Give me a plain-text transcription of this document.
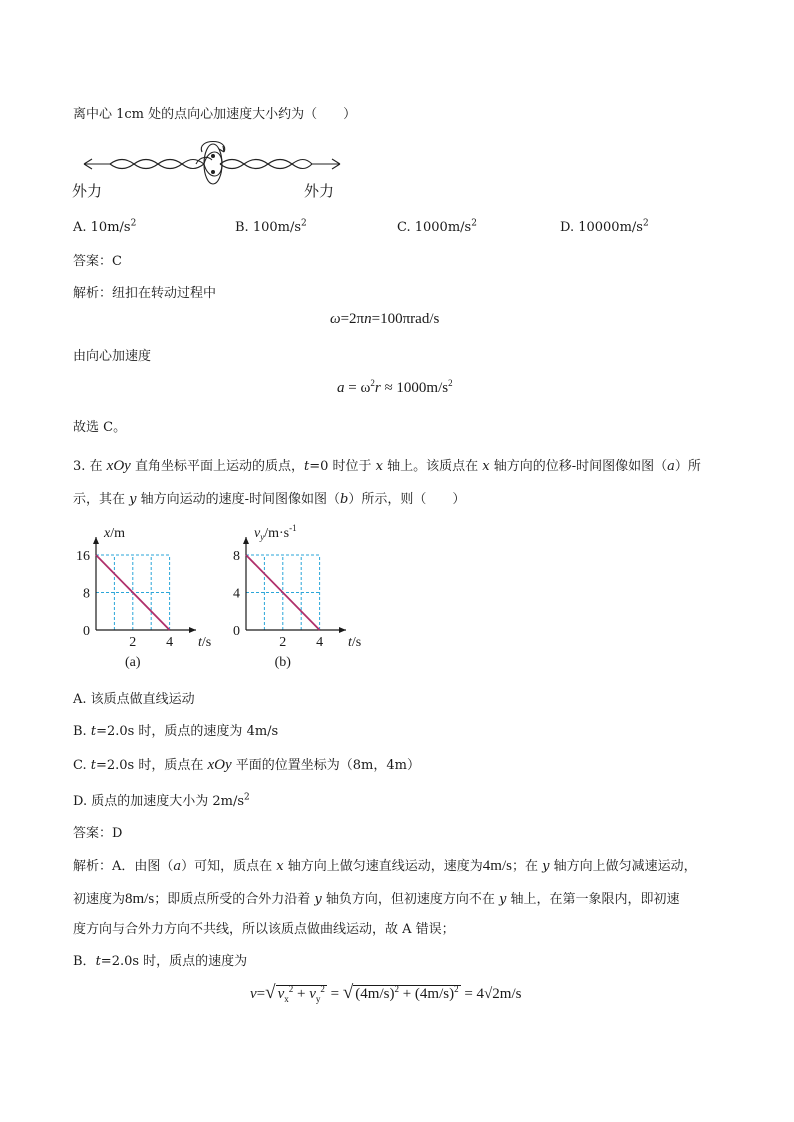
离中心 1cm 处的点向心加速度大小约为（　　）
外力	外力
A. $10m/s^2$	B. $100m/s^2$	C. $1000m/s^2$	D. $10000m/s^2$
答案：C
解析：纽扣在转动过程中
ω=2πn=100πrad/s
由向心加速度
$a = \omega^2r \approx 1000m/s^2$
故选 C。
3. 在 xOy 直角坐标平面上运动的质点，t=0 时位于 x 轴上。该质点在 x 轴方向的位移-时间图像如图（a）所
示，其在 y 轴方向运动的速度-时间图像如图（b）所示，则（　　）
0
8
16
2 4 t/s
x/m
(a)
0
4
8
2 4 t/s
$v_y/m\cdot s^{-1}$
(b)
A. 该质点做直线运动
B. t=2.0s 时，质点的速度为 4m/s
C. t=2.0s 时，质点在 xOy 平面的位置坐标为（8m，4m）
D. 质点的加速度大小为 $2m/s^2$
答案：D
解析：A．由图（a）可知，质点在 x 轴方向上做匀速直线运动，速度为4m/s；在 y 轴方向上做匀减速运动，
初速度为8m/s；即质点所受的合外力沿着 y 轴负方向，但初速度方向不在 y 轴上，在第一象限内，即初速
度方向与合外力方向不共线，所以该质点做曲线运动，故 A 错误；
B．t=2.0s 时，质点的速度为
v=√ $v_x^2 + v_y^2$ = √ $(4m/s)^2 + (4m/s)^2 = 4√2m/s$
